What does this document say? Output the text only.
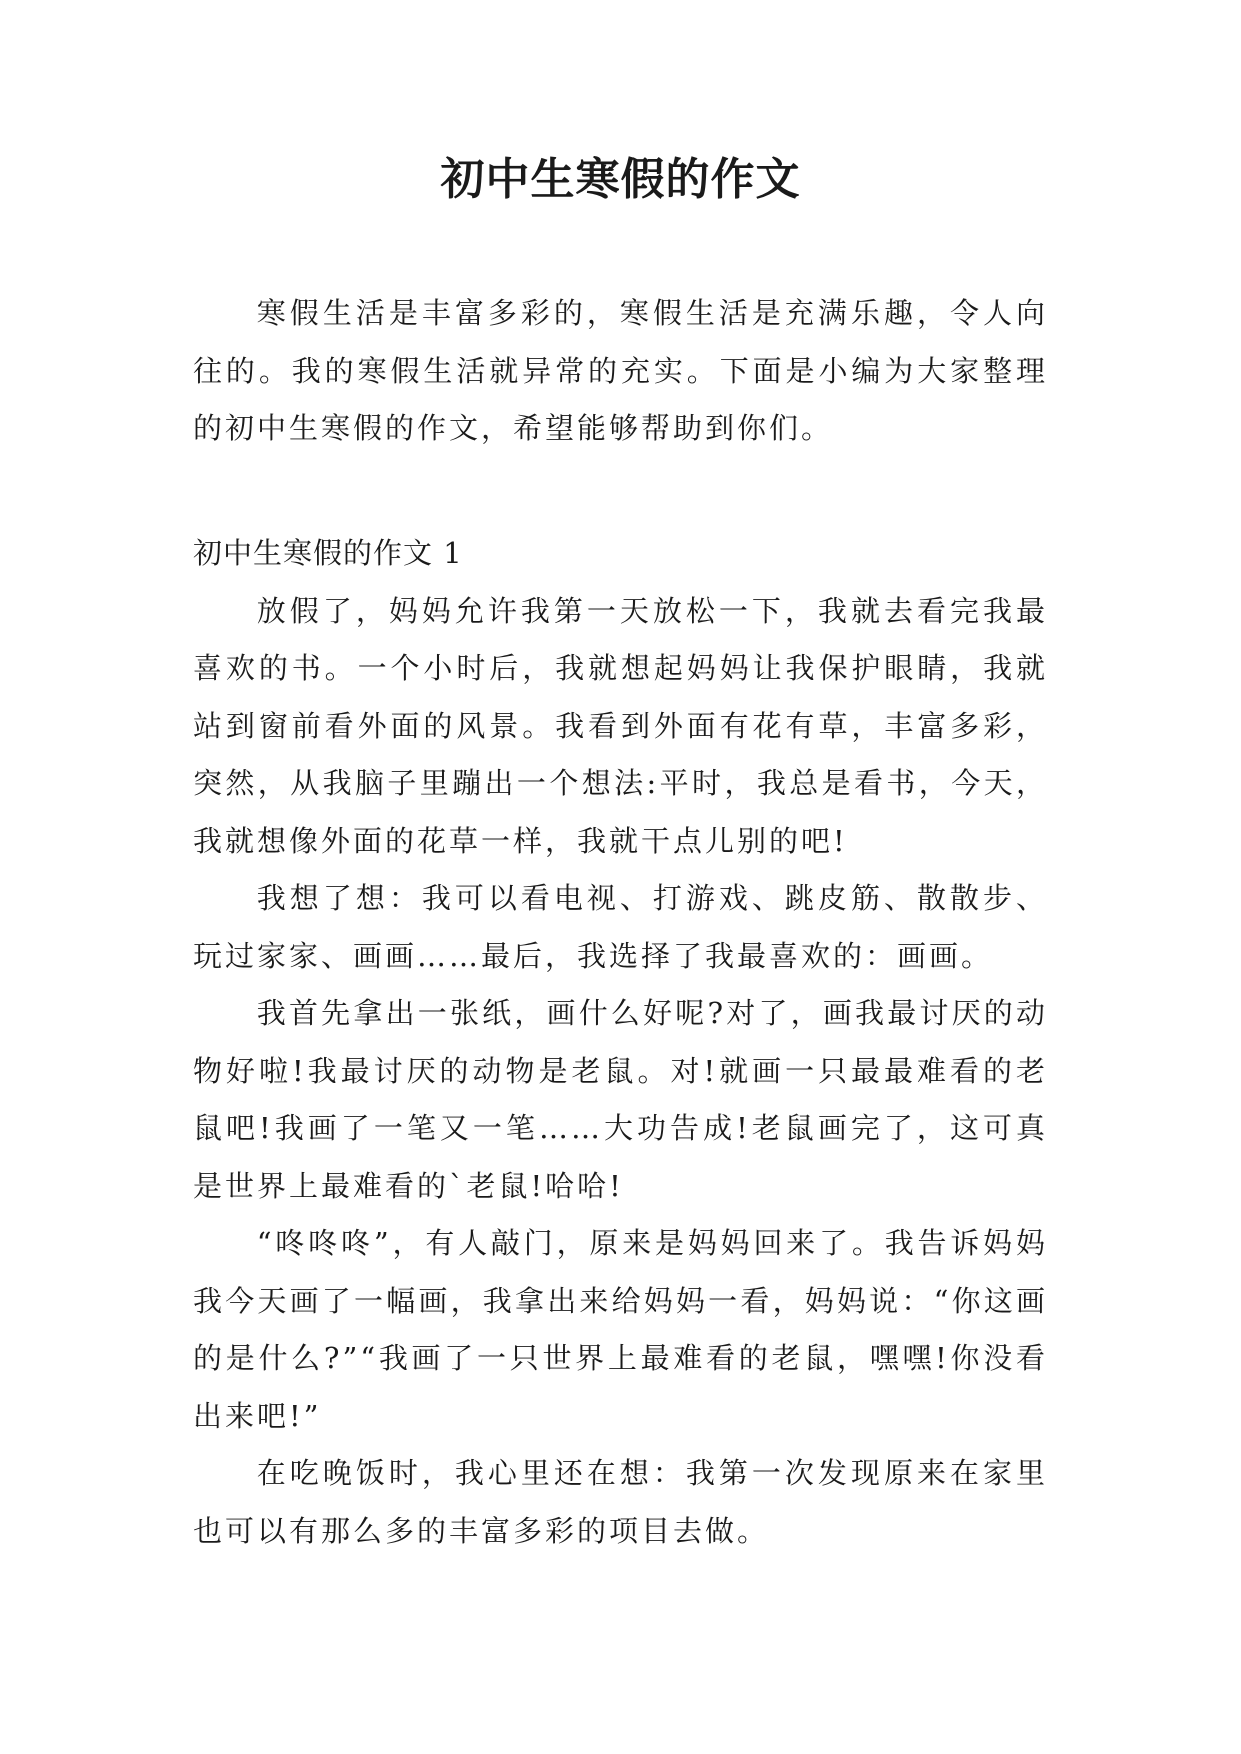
初中生寒假的作文

寒假生活是丰富多彩的，寒假生活是充满乐趣，令人向往的。我的寒假生活就异常的充实。下面是小编为大家整理的初中生寒假的作文，希望能够帮助到你们。

初中生寒假的作文 1

放假了，妈妈允许我第一天放松一下，我就去看完我最喜欢的书。一个小时后，我就想起妈妈让我保护眼睛，我就站到窗前看外面的风景。我看到外面有花有草，丰富多彩，突然，从我脑子里蹦出一个想法:平时，我总是看书，今天，我就想像外面的花草一样，我就干点儿别的吧!

我想了想：我可以看电视、打游戏、跳皮筋、散散步、玩过家家、画画……最后，我选择了我最喜欢的：画画。

我首先拿出一张纸，画什么好呢?对了，画我最讨厌的动物好啦!我最讨厌的动物是老鼠。对!就画一只最最难看的老鼠吧!我画了一笔又一笔……大功告成!老鼠画完了，这可真是世界上最难看的`老鼠!哈哈!

“咚咚咚”，有人敲门，原来是妈妈回来了。我告诉妈妈我今天画了一幅画，我拿出来给妈妈一看，妈妈说：“你这画的是什么?”“我画了一只世界上最难看的老鼠，嘿嘿!你没看出来吧!”

在吃晚饭时，我心里还在想：我第一次发现原来在家里也可以有那么多的丰富多彩的项目去做。
